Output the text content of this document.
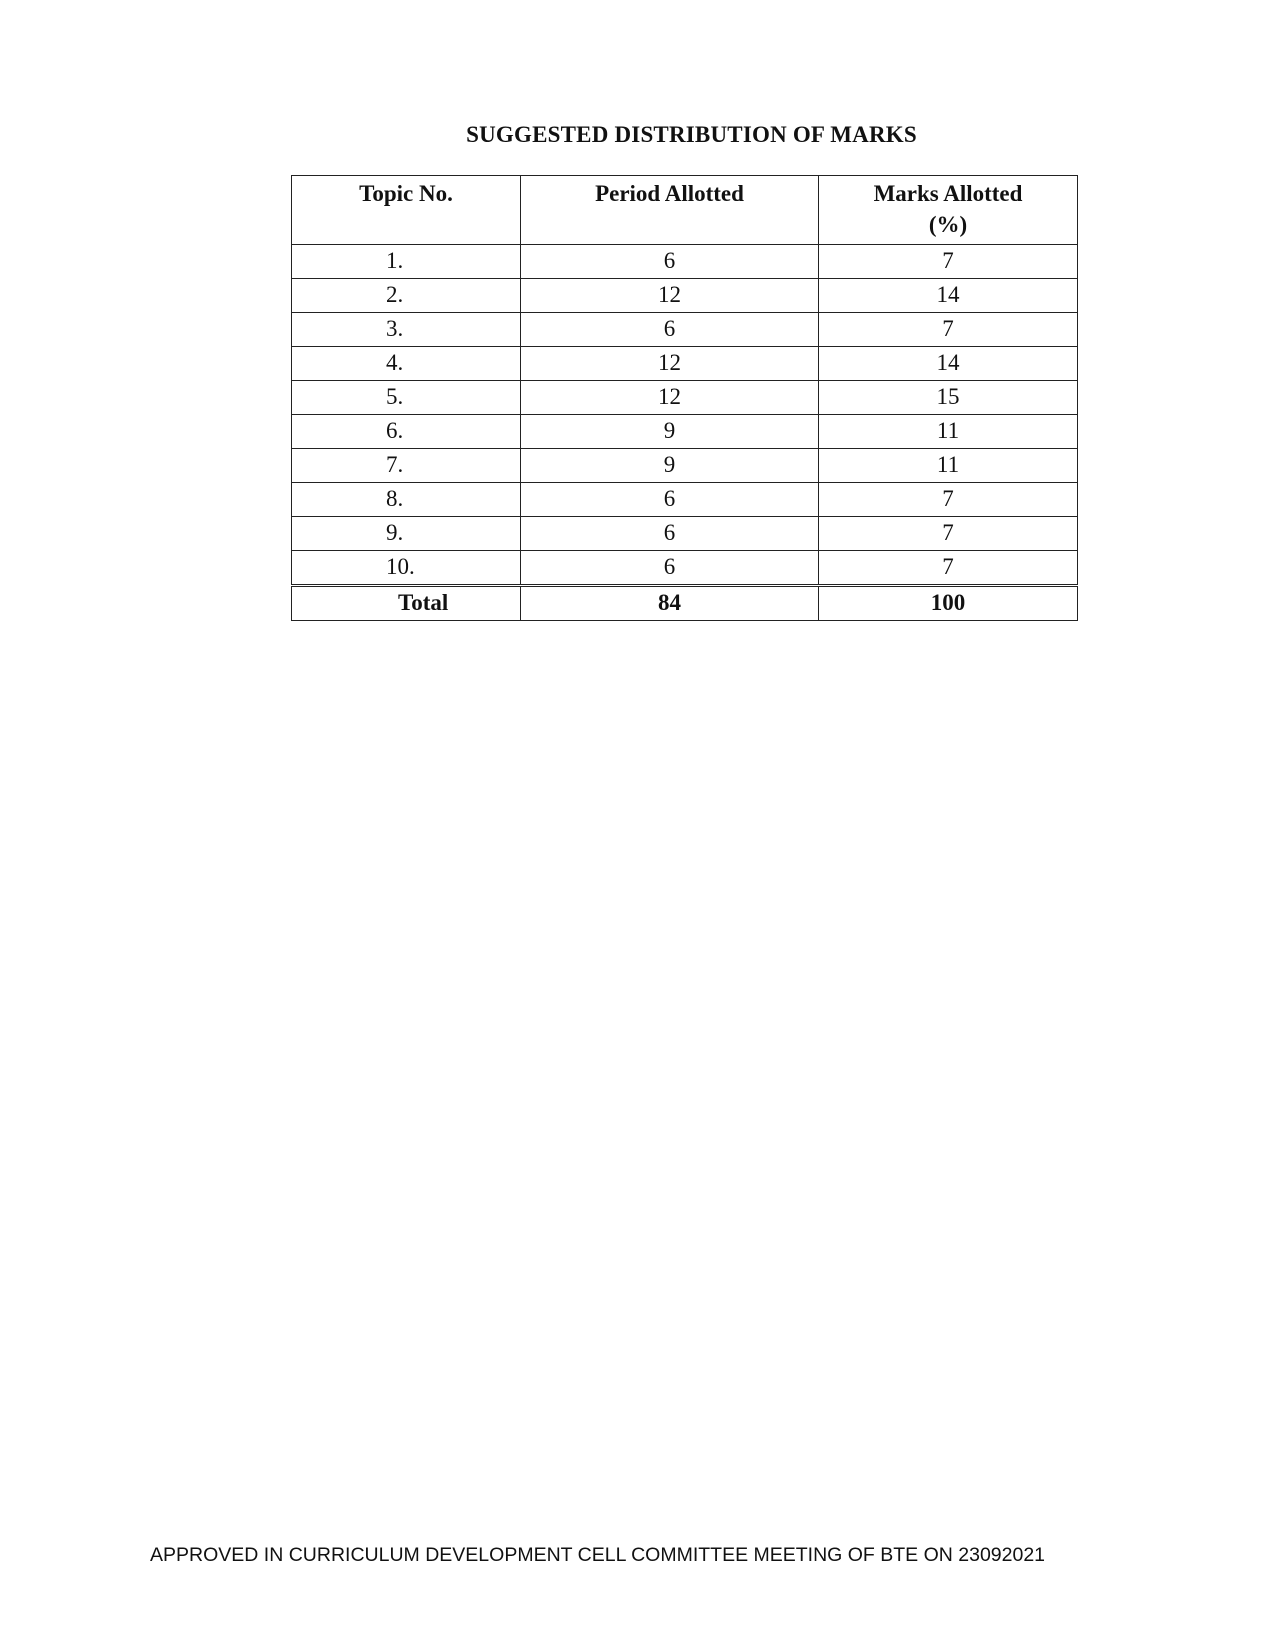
SUGGESTED DISTRIBUTION OF MARKS
Topic No.	Period Allotted	Marks Allotted
(%)
1.	6	7
2.	12	14
3.	6	7
4.	12	14
5.	12	15
6.	9	11
7.	9	11
8.	6	7
9.	6	7
10.	6	7
Total	84	100
APPROVED IN CURRICULUM DEVELOPMENT CELL COMMITTEE MEETING OF BTE ON 23092021
